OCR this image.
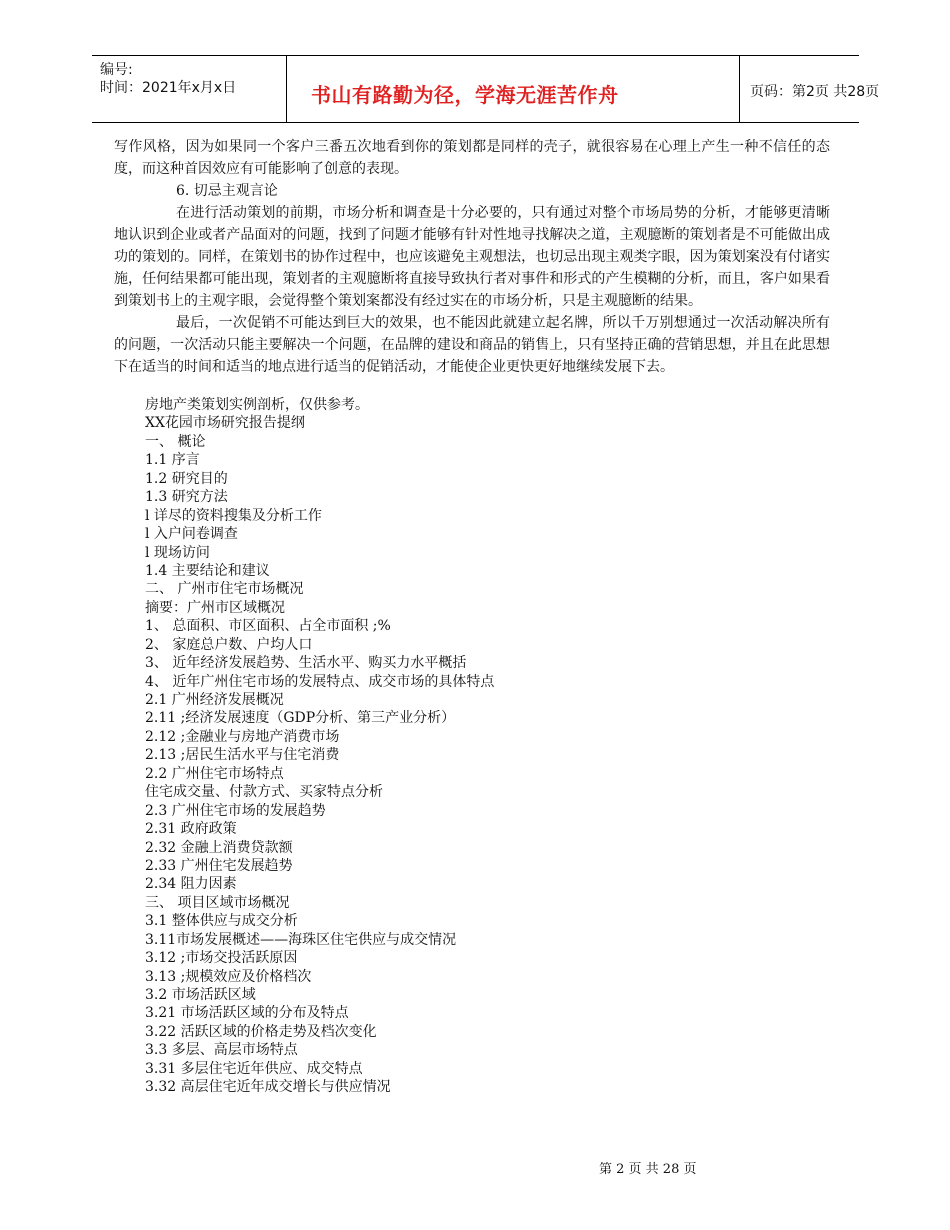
编号:
时间：2021年x月x日	书山有路勤为径，学海无涯苦作舟	页码：第2页 共28页

写作风格，因为如果同一个客户三番五次地看到你的策划都是同样的壳子，就很容易在心理上产生一种不信任的态度，而这种首因效应有可能影响了创意的表现。

6. 切忌主观言论

在进行活动策划的前期，市场分析和调查是十分必要的，只有通过对整个市场局势的分析，才能够更清晰地认识到企业或者产品面对的问题，找到了问题才能够有针对性地寻找解决之道，主观臆断的策划者是不可能做出成功的策划的。同样，在策划书的协作过程中，也应该避免主观想法，也切忌出现主观类字眼，因为策划案没有付诸实施，任何结果都可能出现，策划者的主观臆断将直接导致执行者对事件和形式的产生模糊的分析，而且，客户如果看到策划书上的主观字眼，会觉得整个策划案都没有经过实在的市场分析，只是主观臆断的结果。

最后，一次促销不可能达到巨大的效果，也不能因此就建立起名牌，所以千万别想通过一次活动解决所有的问题，一次活动只能主要解决一个问题，在品牌的建设和商品的销售上，只有坚持正确的营销思想，并且在此思想下在适当的时间和适当的地点进行适当的促销活动，才能使企业更快更好地继续发展下去。

房地产类策划实例剖析，仅供参考。
XX花园市场研究报告提纲
一、 概论
1.1 序言
1.2 研究目的
1.3 研究方法
l 详尽的资料搜集及分析工作
l 入户问卷调查
l 现场访问
1.4 主要结论和建议
二、 广州市住宅市场概况
摘要：广州市区域概况
1、 总面积、市区面积、占全市面积 ;%
2、 家庭总户数、户均人口
3、 近年经济发展趋势、生活水平、购买力水平概括
4、 近年广州住宅市场的发展特点、成交市场的具体特点
2.1 广州经济发展概况
2.11 ;经济发展速度（GDP分析、第三产业分析）
2.12 ;金融业与房地产消费市场
2.13 ;居民生活水平与住宅消费
2.2 广州住宅市场特点
住宅成交量、付款方式、买家特点分析
2.3 广州住宅市场的发展趋势
2.31 政府政策
2.32 金融上消费贷款额
2.33 广州住宅发展趋势
2.34 阻力因素
三、 项目区域市场概况
3.1 整体供应与成交分析
3.11市场发展概述——海珠区住宅供应与成交情况
3.12 ;市场交投活跃原因
3.13 ;规模效应及价格档次
3.2 市场活跃区域
3.21 市场活跃区域的分布及特点
3.22 活跃区域的价格走势及档次变化
3.3 多层、高层市场特点
3.31 多层住宅近年供应、成交特点
3.32 高层住宅近年成交增长与供应情况
第 2 页 共 28 页
